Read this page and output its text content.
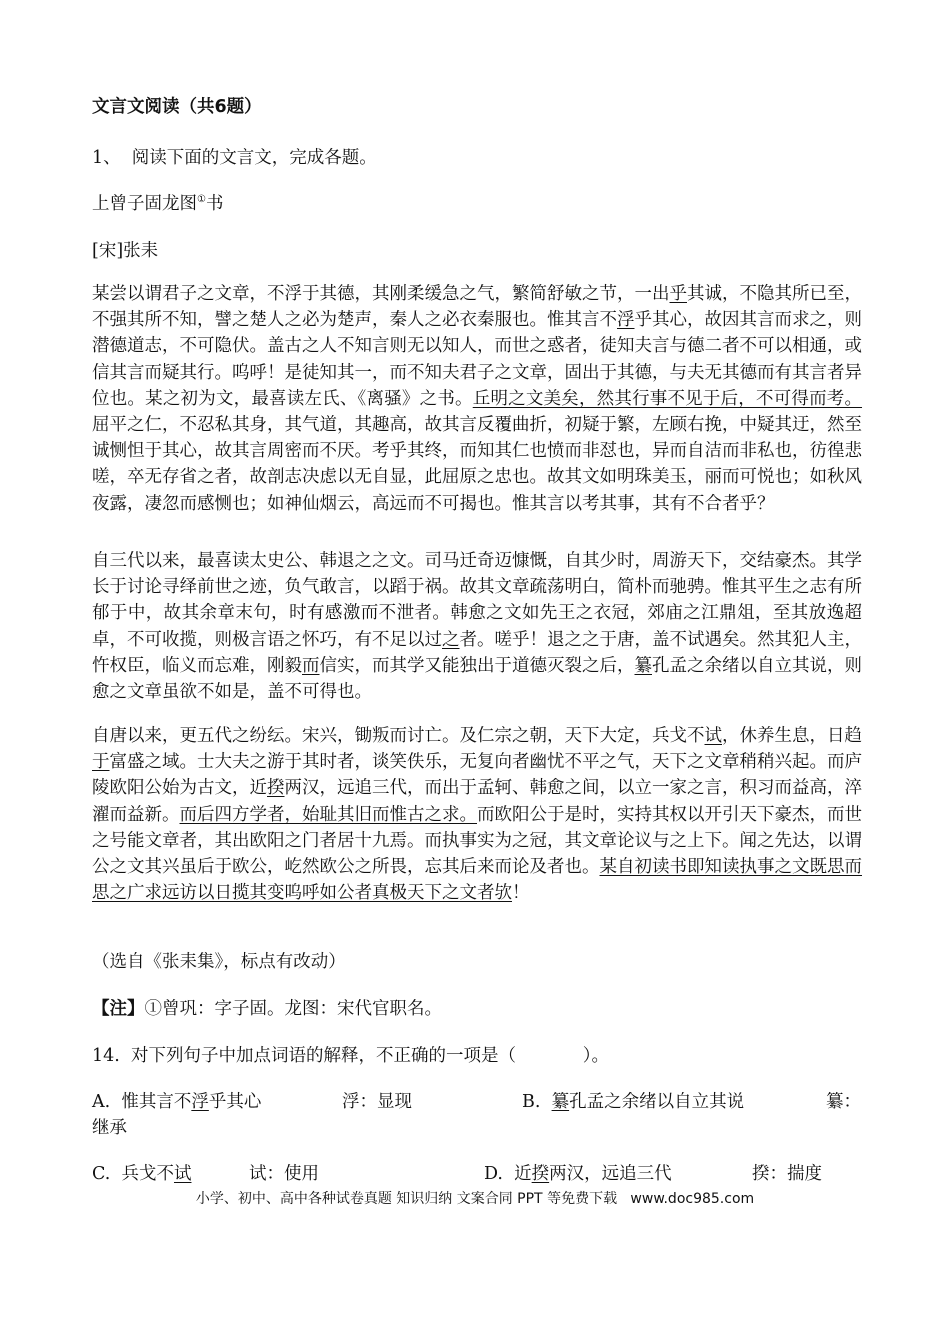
文言文阅读（共6题）
1、  阅读下面的文言文，完成各题。
上曾子固龙图①书
[宋]张耒
某尝以谓君子之文章，不浮于其德，其刚柔缓急之气，繁简舒敏之节，一出乎其诚，不隐其所已至，不强其所不知，譬之楚人之必为楚声，秦人之必衣秦服也。惟其言不浮乎其心，故因其言而求之，则潜德道志，不可隐伏。盖古之人不知言则无以知人，而世之惑者，徒知夫言与德二者不可以相通，或信其言而疑其行。呜呼！是徒知其一，而不知夫君子之文章，固出于其德，与夫无其德而有其言者异位也。某之初为文，最喜读左氏、《离骚》之书。丘明之文美矣，然其行事不见于后，不可得而考。屈平之仁，不忍私其身，其气道，其趣高，故其言反覆曲折，初疑于繁，左顾右挽，中疑其迂，然至诚恻怛于其心，故其言周密而不厌。考乎其终，而知其仁也愤而非怼也，异而自洁而非私也，彷徨悲嗟，卒无存省之者，故剖志决虑以无自显，此屈原之忠也。故其文如明珠美玉，丽而可悦也；如秋风夜露，凄忽而感恻也；如神仙烟云，高远而不可揭也。惟其言以考其事，其有不合者乎？
自三代以来，最喜读太史公、韩退之之文。司马迁奇迈慷慨，自其少时，周游天下，交结豪杰。其学长于讨论寻绎前世之迹，负气敢言，以蹈于祸。故其文章疏荡明白，简朴而驰骋。惟其平生之志有所郁于中，故其余章末句，时有感激而不泄者。韩愈之文如先王之衣冠，郊庙之江鼎俎，至其放逸超卓，不可收揽，则极言语之怀巧，有不足以过之者。嗟乎！退之之于唐，盖不试遇矣。然其犯人主，忤权臣，临义而忘难，刚毅而信实，而其学又能独出于道德灭裂之后，纂孔孟之余绪以自立其说，则愈之文章虽欲不如是，盖不可得也。
自唐以来，更五代之纷纭。宋兴，锄叛而讨亡。及仁宗之朝，天下大定，兵戈不试，休养生息，日趋于富盛之域。士大夫之游于其时者，谈笑佚乐，无复向者幽忧不平之气，天下之文章稍稍兴起。而庐陵欧阳公始为古文，近揆两汉，远追三代，而出于孟轲、韩愈之间，以立一家之言，积习而益高，淬濯而益新。而后四方学者，始耻其旧而惟古之求。而欧阳公于是时，实持其权以开引天下豪杰，而世之号能文章者，其出欧阳之门者居十九焉。而执事实为之冠，其文章论议与之上下。闻之先达，以谓公之文其兴虽后于欧公，屹然欧公之所畏，忘其后来而论及者也。某自初读书即知读执事之文既思而思之广求远访以日揽其变呜呼如公者真极天下之文者欤！
（选自《张耒集》，标点有改动）
【注】①曾巩：字子固。龙图：宋代官职名。
14.  对下列句子中加点词语的解释，不正确的一项是（            ）。
A. 惟其言不浮乎其心	浮：显现	B. 纂孔孟之余绪以自立其说	纂：
继承
C. 兵戈不试	试：使用	D. 近揆两汉，远追三代	揆：揣度
小学、初中、高中各种试卷真题 知识归纳 文案合同 PPT 等免费下载   www.doc985.com
